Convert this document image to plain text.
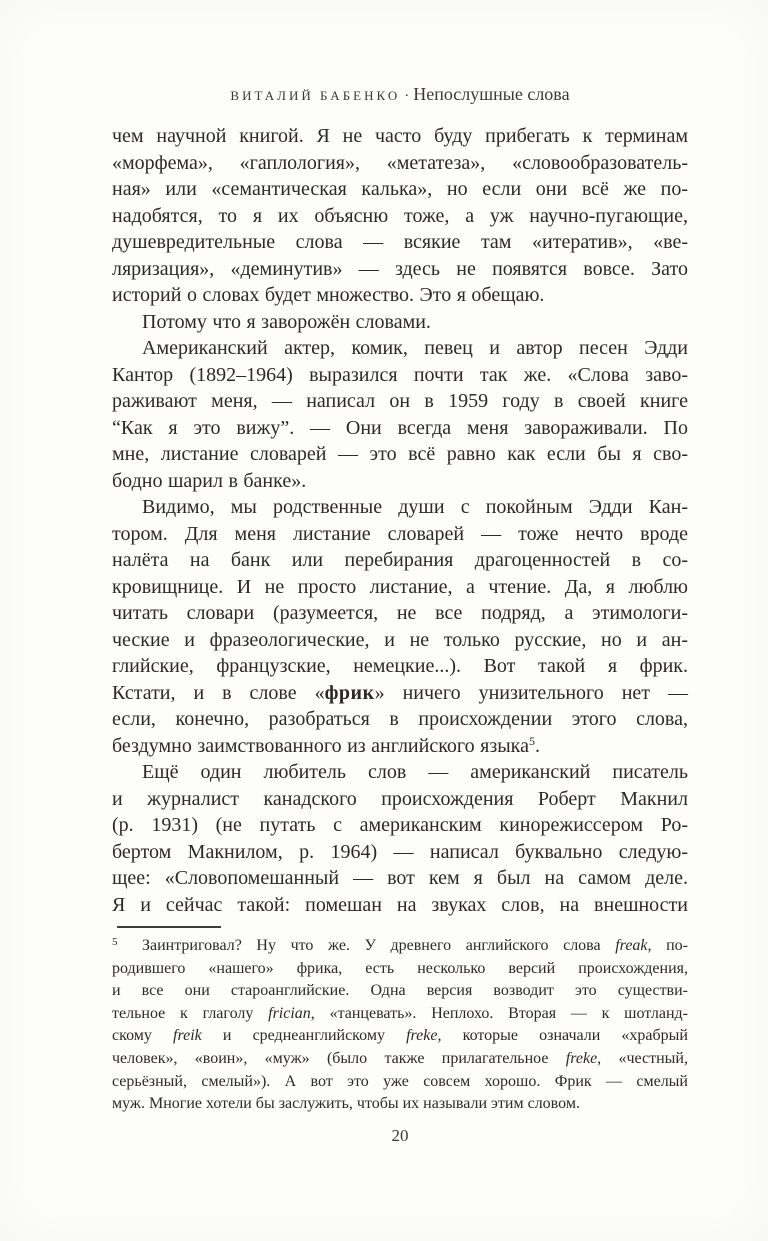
ВИТАЛИЙ БАБЕНКО · Непослушные слова
чем научной книгой. Я не часто буду прибегать к терминам
«морфема», «гаплология», «метатеза», «словообразователь-
ная» или «семантическая калька», но если они всё же по-
надобятся, то я их объясню тоже, а уж научно-пугающие,
душевредительные слова — всякие там «итератив», «ве-
ляризация», «деминутив» — здесь не появятся вовсе. Зато
историй о словах будет множество. Это я обещаю.
Потому что я заворожён словами.
Американский актер, комик, певец и автор песен Эдди
Кантор (1892–1964) выразился почти так же. «Слова заво-
раживают меня, — написал он в 1959 году в своей книге
“Как я это вижу”. — Они всегда меня завораживали. По
мне, листание словарей — это всё равно как если бы я сво-
бодно шарил в банке».
Видимо, мы родственные души с покойным Эдди Кан-
тором. Для меня листание словарей — тоже нечто вроде
налёта на банк или перебирания драгоценностей в со-
кровищнице. И не просто листание, а чтение. Да, я люблю
читать словари (разумеется, не все подряд, а этимологи-
ческие и фразеологические, и не только русские, но и ан-
глийские, французские, немецкие...). Вот такой я фрик.
Кстати, и в слове «фрик» ничего унизительного нет —
если, конечно, разобраться в происхождении этого слова,
бездумно заимствованного из английского языка$^5$.
Ещё один любитель слов — американский писатель
и журналист канадского происхождения Роберт Макнил
(р. 1931) (не путать с американским кинорежиссером Ро-
бертом Макнилом, р. 1964) — написал буквально следую-
щее: «Словопомешанный — вот кем я был на самом деле.
Я и сейчас такой: помешан на звуках слов, на внешности
5 Заинтриговал? Ну что же. У древнего английского слова freak, по-
родившего «нашего» фрика, есть несколько версий происхождения,
и все они староанглийские. Одна версия возводит это существи-
тельное к глаголу frician, «танцевать». Неплохо. Вторая — к шотланд-
скому freik и среднеанглийскому freke, которые означали «храбрый
человек», «воин», «муж» (было также прилагательное freke, «честный,
серьёзный, смелый»). А вот это уже совсем хорошо. Фрик — смелый
муж. Многие хотели бы заслужить, чтобы их называли этим словом.
20
